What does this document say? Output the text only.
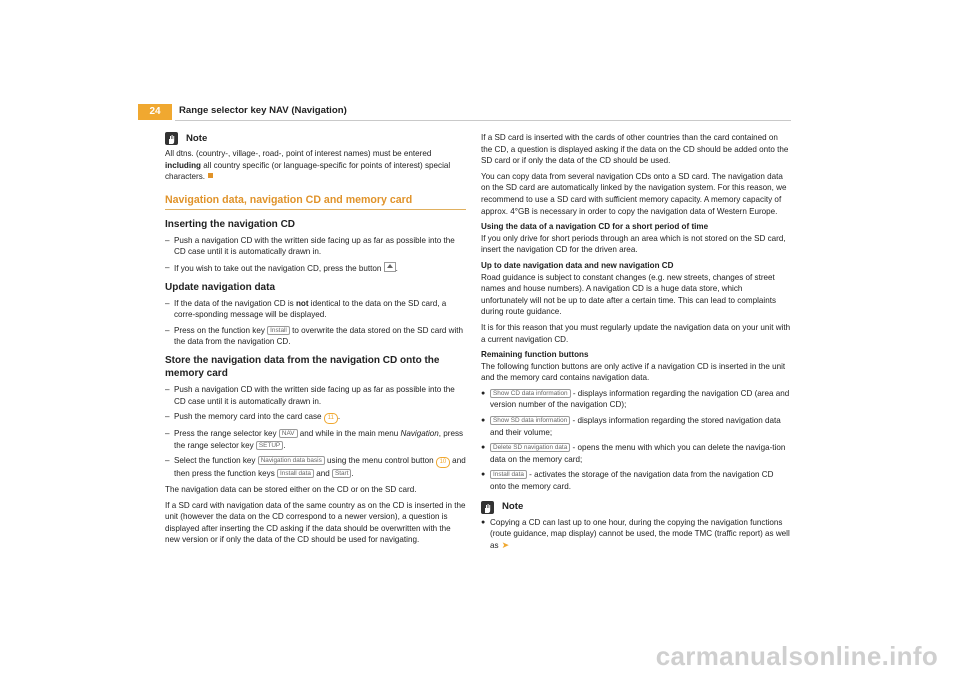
24	Range selector key NAV (Navigation)
Note

All dtns. (country-, village-, road-, point of interest names) must be entered including all country specific (or language-specific for points of interest) special characters.

Navigation data, navigation CD and memory card
Inserting the navigation CD
– Push a navigation CD with the written side facing up as far as possible into the CD case until it is automatically drawn in.
– If you wish to take out the navigation CD, press the button .
Update navigation data
– If the data of the navigation CD is not identical to the data on the SD card, a corre-sponding message will be displayed.
– Press on the function key Install to overwrite the data stored on the SD card with the data from the navigation CD.
Store the navigation data from the navigation CD onto the memory card
– Push a navigation CD with the written side facing up as far as possible into the CD case until it is automatically drawn in.
– Push the memory card into the card case 11 .
– Press the range selector key NAV and while in the main menu Navigation, press the range selector key SETUP .
– Select the function key Navigation data basis using the menu control button 10 and then press the function keys Install data and Start .

The navigation data can be stored either on the CD or on the SD card.

If a SD card with navigation data of the same country as on the CD is inserted in the unit (however the data on the CD correspond to a newer version), a question is displayed after inserting the CD asking if the data should be overwritten with the new version or if only the data of the CD should be used for navigating.

If a SD card is inserted with the cards of other countries than the card contained on the CD, a question is displayed asking if the data on the CD should be added onto the SD card or if only the data of the CD should be used.

You can copy data from several navigation CDs onto a SD card. The navigation data on the SD card are automatically linked by the navigation system. For this reason, we recommend to use a SD card with sufficient memory capacity. A memory capacity of approx. 4°GB is necessary in order to copy the navigation data of Western Europe.

Using the data of a navigation CD for a short period of time

If you only drive for short periods through an area which is not stored on the SD card, insert the navigation CD for the driven area.

Up to date navigation data and new navigation CD

Road guidance is subject to constant changes (e.g. new streets, changes of street names and house numbers). A navigation CD is a huge data store, which unfortunately will not be up to date after a certain time. This can lead to complaints during route guidance.

It is for this reason that you must regularly update the navigation data on your unit with a current navigation CD.

Remaining function buttons

The following function buttons are only active if a navigation CD is inserted in the unit and the memory card contains navigation data.

● Show CD data information - displays information regarding the navigation CD (area and version number of the navigation CD);
● Show SD data information - displays information regarding the stored navigation data and their volume;
● Delete SD navigation data - opens the menu with which you can delete the naviga-tion data on the memory card;
● Install data - activates the storage of the navigation data from the navigation CD onto the memory card.
Note
● Copying a CD can last up to one hour, during the copying the navigation functions (route guidance, map display) cannot be used, the mode TMC (traffic report) as well as ➤
carmanualsonline.info
